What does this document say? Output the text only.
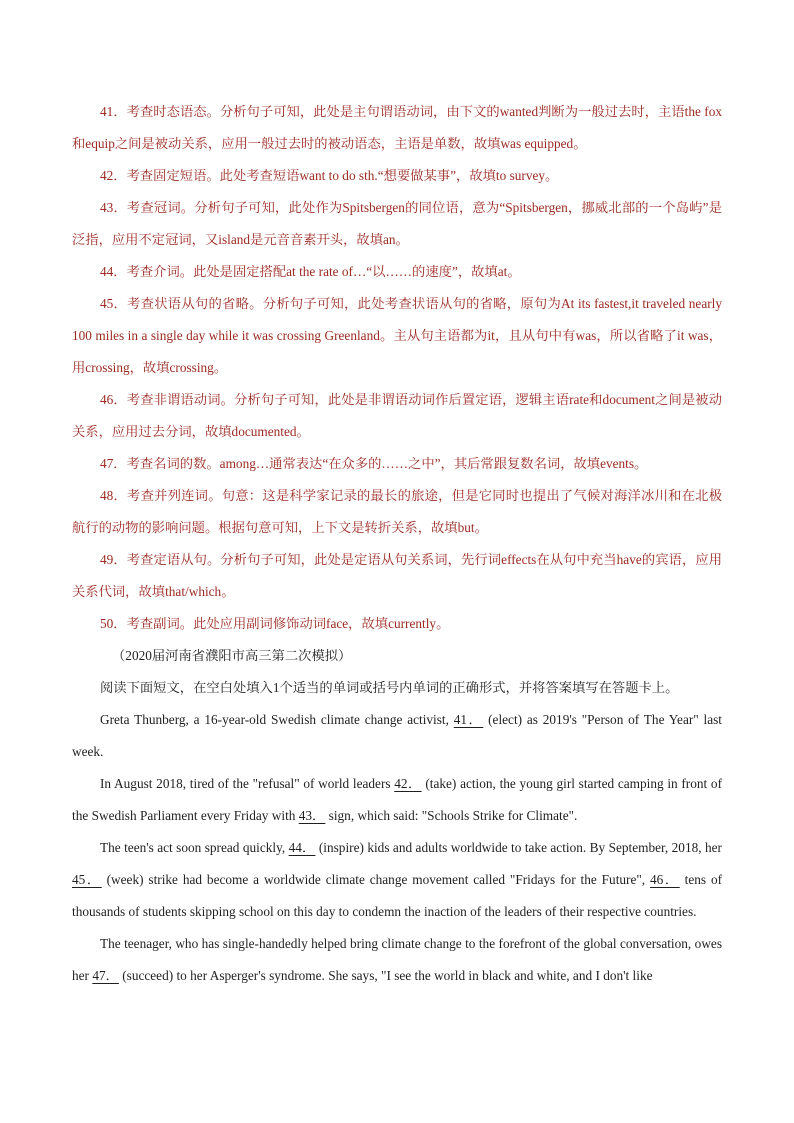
41．考查时态语态。分析句子可知，此处是主句谓语动词，由下文的wanted判断为一般过去时，主语the fox和equip之间是被动关系，应用一般过去时的被动语态，主语是单数，故填was equipped。

42．考查固定短语。此处考查短语want to do sth.“想要做某事”，故填to survey。

43．考查冠词。分析句子可知，此处作为Spitsbergen的同位语，意为“Spitsbergen，挪威北部的一个岛屿”是泛指，应用不定冠词，又island是元音音素开头，故填an。

44．考查介词。此处是固定搭配at the rate of…“以……的速度”，故填at。

45．考查状语从句的省略。分析句子可知，此处考查状语从句的省略，原句为At its fastest,it traveled nearly 100 miles in a single day while it was crossing Greenland。主从句主语都为it，且从句中有was，所以省略了it was，用crossing，故填crossing。

46．考查非谓语动词。分析句子可知，此处是非谓语动词作后置定语，逻辑主语rate和document之间是被动关系，应用过去分词，故填documented。

47．考查名词的数。among…通常表达“在众多的……之中”，其后常跟复数名词，故填events。

48．考查并列连词。句意：这是科学家记录的最长的旅途，但是它同时也提出了气候对海洋冰川和在北极航行的动物的影响问题。根据句意可知，上下文是转折关系，故填but。

49．考查定语从句。分析句子可知，此处是定语从句关系词，先行词effects在从句中充当have的宾语，应用关系代词，故填that/which。

50．考查副词。此处应用副词修饰动词face，故填currently。

（2020届河南省濮阳市高三第二次模拟）

阅读下面短文，在空白处填入1个适当的单词或括号内单词的正确形式，并将答案填写在答题卡上。

Greta Thunberg, a 16-year-old Swedish climate change activist, 41． (elect) as 2019's "Person of The Year" last week.

In August 2018, tired of the "refusal" of world leaders 42． (take) action, the young girl started camping in front of the Swedish Parliament every Friday with 43． sign, which said: "Schools Strike for Climate".

The teen's act soon spread quickly, 44． (inspire) kids and adults worldwide to take action. By September, 2018, her 45． (week) strike had become a worldwide climate change movement called "Fridays for the Future", 46． tens of thousands of students skipping school on this day to condemn the inaction of the leaders of their respective countries.

The teenager, who has single-handedly helped bring climate change to the forefront of the global conversation, owes her 47． (succeed) to her Asperger's syndrome. She says, "I see the world in black and white, and I don't like
